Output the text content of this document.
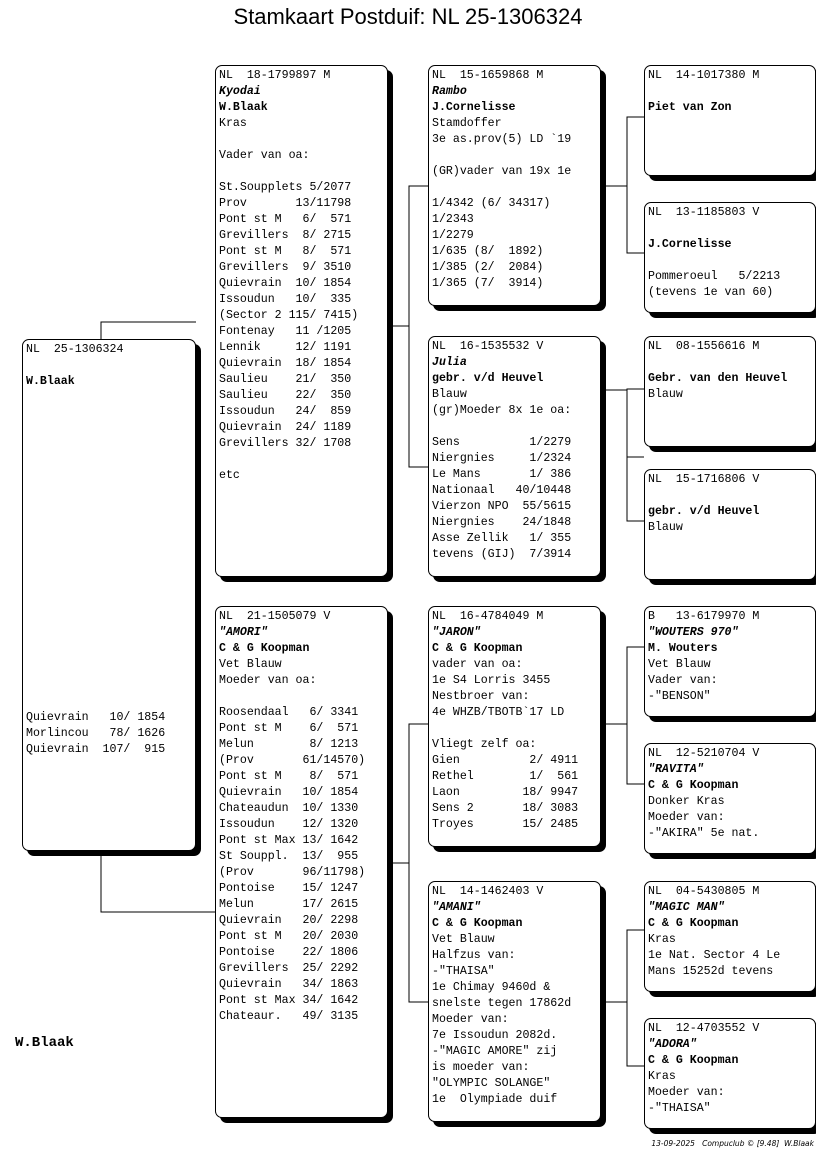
Stamkaart Postduif: NL 25-1306324
NL  25-1306324
W.Blaak
Quievrain   10/ 1854
Morlincou   78/ 1626
Quievrain  107/  915
NL  18-1799897 M
Kyodai
W.Blaak
Kras
Vader van oa:
St.Soupplets 5/2077
Prov       13/11798
Pont st M   6/  571
Grevillers  8/ 2715
Pont st M   8/  571
Grevillers  9/ 3510
Quievrain  10/ 1854
Issoudun   10/  335
(Sector 2 115/ 7415)
Fontenay   11 /1205
Lennik     12/ 1191
Quievrain  18/ 1854
Saulieu    21/  350
Saulieu    22/  350
Issoudun   24/  859
Quievrain  24/ 1189
Grevillers 32/ 1708
etc
NL  21-1505079 V
"AMORI"
C & G Koopman
Vet Blauw
Moeder van oa:
Roosendaal   6/ 3341
Pont st M    6/  571
Melun        8/ 1213
(Prov       61/14570)
Pont st M    8/  571
Quievrain   10/ 1854
Chateaudun  10/ 1330
Issoudun    12/ 1320
Pont st Max 13/ 1642
St Souppl.  13/  955
(Prov       96/11798)
Pontoise    15/ 1247
Melun       17/ 2615
Quievrain   20/ 2298
Pont st M   20/ 2030
Pontoise    22/ 1806
Grevillers  25/ 2292
Quievrain   34/ 1863
Pont st Max 34/ 1642
Chateaur.   49/ 3135
NL  15-1659868 M
Rambo
J.Cornelisse
Stamdoffer
3e as.prov(5) LD `19
(GR)vader van 19x 1e
1/4342 (6/ 34317)
1/2343
1/2279
1/635 (8/  1892)
1/385 (2/  2084)
1/365 (7/  3914)
NL  16-1535532 V
Julia
gebr. v/d Heuvel
Blauw
(gr)Moeder 8x 1e oa:
Sens          1/2279
Niergnies     1/2324
Le Mans       1/ 386
Nationaal   40/10448
Vierzon NPO  55/5615
Niergnies    24/1848
Asse Zellik   1/ 355
tevens (GIJ)  7/3914
NL  16-4784049 M
"JARON"
C & G Koopman
vader van oa:
1e S4 Lorris 3455
Nestbroer van:
4e WHZB/TBOTB`17 LD
Vliegt zelf oa:
Gien          2/ 4911
Rethel        1/  561
Laon         18/ 9947
Sens 2       18/ 3083
Troyes       15/ 2485
NL  14-1462403 V
"AMANI"
C & G Koopman
Vet Blauw
Halfzus van:
-"THAISA"
1e Chimay 9460d &
snelste tegen 17862d
Moeder van:
7e Issoudun 2082d.
-"MAGIC AMORE" zij
is moeder van:
"OLYMPIC SOLANGE"
1e  Olympiade duif
NL  14-1017380 M
Piet van Zon
NL  13-1185803 V
J.Cornelisse
Pommeroeul   5/2213
(tevens 1e van 60)
NL  08-1556616 M
Gebr. van den Heuvel
Blauw
NL  15-1716806 V
gebr. v/d Heuvel
Blauw
B   13-6179970 M
"WOUTERS 970"
M. Wouters
Vet Blauw
Vader van:
-"BENSON"
NL  12-5210704 V
"RAVITA"
C & G Koopman
Donker Kras
Moeder van:
-"AKIRA" 5e nat.
NL  04-5430805 M
"MAGIC MAN"
C & G Koopman
Kras
1e Nat. Sector 4 Le
Mans 15252d tevens
NL  12-4703552 V
"ADORA"
C & G Koopman
Kras
Moeder van:
-"THAISA"
W.Blaak
13-09-2025   Compuclub © [9.48]  W.Blaak
